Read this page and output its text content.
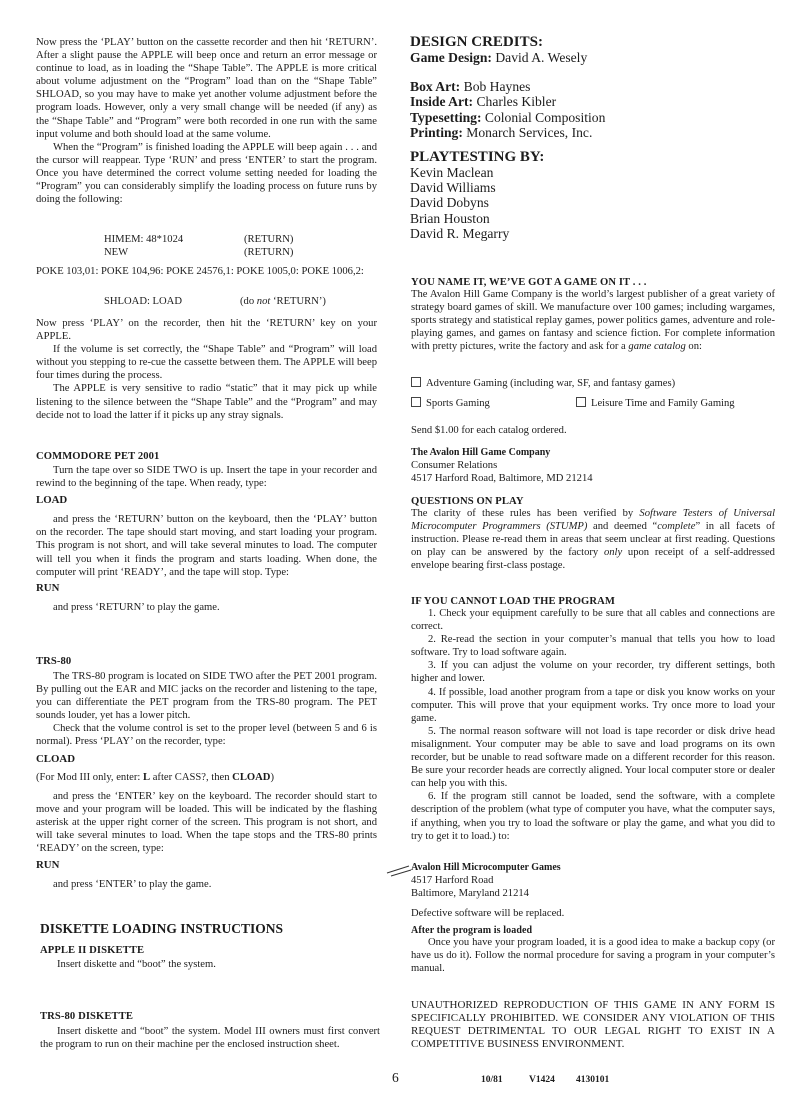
Now press the ‘PLAY’ button on the cassette recorder and then hit ‘RETURN’. After a slight pause the APPLE will beep once and return an error message or continue to load, as in loading the “Shape Table”. The APPLE is more critical about volume adjustment on the “Program” load than on the “Shape Table” SHLOAD, so you may have to make yet another volume adjustment before the program loads. However, only a very small change will be needed (if any) as the “Shape Table” and “Program” were both recorded in one run with the same input volume and both should load at the same volume.

When the “Program” is finished loading the APPLE will beep again . . . and the cursor will reappear. Type ‘RUN’ and press ‘ENTER’ to start the program. Once you have determined the correct volume setting needed for loading the “Program” you can considerably simplify the loading process on future runs by doing the following:

HIMEM: 48*1024	(RETURN)
NEW	(RETURN)

POKE 103,01: POKE 104,96: POKE 24576,1: POKE 1005,0: POKE 1006,2:

SHLOAD: LOAD	(do not ‘RETURN’)

Now press ‘PLAY’ on the recorder, then hit the ‘RETURN’ key on your APPLE.

If the volume is set correctly, the “Shape Table” and “Program” will load without you stepping to re-cue the cassette between them. The APPLE will beep four times during the process.

The APPLE is very sensitive to radio “static” that it may pick up while listening to the silence between the “Shape Table” and the “Program” and may decide not to load the latter if it picks up any stray signals.

COMMODORE PET 2001

Turn the tape over so SIDE TWO is up. Insert the tape in your recorder and rewind to the beginning of the tape. When ready, type:

LOAD

and press the ‘RETURN’ button on the keyboard, then the ‘PLAY’ button on the recorder. The tape should start moving, and start loading your program. This program is not short, and will take several minutes to load. The computer will tell you when it finds the program and starts loading. When done, the computer will print ‘READY’, and the tape will stop. Type:

RUN

and press ‘RETURN’ to play the game.

TRS-80

The TRS-80 program is located on SIDE TWO after the PET 2001 program. By pulling out the EAR and MIC jacks on the recorder and listening to the tape, you can differentiate the PET program from the TRS-80 program. The PET sounds louder, yet has a lower pitch.

Check that the volume control is set to the proper level (between 5 and 6 is normal). Press ‘PLAY’ on the recorder, type:

CLOAD

(For Mod III only, enter: L after CASS?, then CLOAD)

and press the ‘ENTER’ key on the keyboard. The recorder should start to move and your program will be loaded. This will be indicated by the flashing asterisk at the upper right corner of the screen. This program is not short, and will take several minutes to load. When the tape stops and the TRS-80 prints ‘READY’ on the screen, type:

RUN

and press ‘ENTER’ to play the game.

DISKETTE LOADING INSTRUCTIONS
APPLE II DISKETTE

Insert diskette and “boot” the system.

TRS-80 DISKETTE

Insert diskette and “boot” the system. Model III owners must first convert the program to run on their machine per the enclosed instruction sheet.

DESIGN CREDITS:
Game Design: David A. Wesely
Box Art: Bob Haynes
Inside Art: Charles Kibler
Typesetting: Colonial Composition
Printing: Monarch Services, Inc.
PLAYTESTING BY:
Kevin Maclean
David Williams
David Dobyns
Brian Houston
David R. Megarry
YOU NAME IT, WE’VE GOT A GAME ON IT . . .

The Avalon Hill Game Company is the world’s largest publisher of a great variety of strategy board games of skill. We manufacture over 100 games; including wargames, sports strategy and statistical replay games, power politics games, adventure and role-playing games, and games on fantasy and science fiction. For complete information with pretty pictures, write the factory and ask for a game catalog on:

Adventure Gaming (including war, SF, and fantasy games)
Sports Gaming	Leisure Time and Family Gaming

Send $1.00 for each catalog ordered.

The Avalon Hill Game Company

Consumer Relations

4517 Harford Road, Baltimore, MD 21214

QUESTIONS ON PLAY

The clarity of these rules has been verified by Software Testers of Universal Microcomputer Programmers (STUMP) and deemed “complete” in all facets of instruction. Please re-read them in areas that seem unclear at first reading. Questions on play can be answered by the factory only upon receipt of a self-addressed envelope bearing first-class postage.

IF YOU CANNOT LOAD THE PROGRAM

1. Check your equipment carefully to be sure that all cables and connections are correct.

2. Re-read the section in your computer’s manual that tells you how to load software. Try to load software again.

3. If you can adjust the volume on your recorder, try different settings, both higher and lower.

4. If possible, load another program from a tape or disk you know works on your computer. This will prove that your equipment works. Try once more to load your game.

5. The normal reason software will not load is tape recorder or disk drive head misalignment. Your computer may be able to save and load programs on its own recorder, but be unable to read software made on a different recorder for this reason. Be sure your recorder heads are correctly aligned. Your local computer store or dealer can help you with this.

6. If the program still cannot be loaded, send the software, with a complete description of the problem (what type of computer you have, what the computer says, if anything, when you try to load the software or play the game, and what you did to try to get it to load.) to:

Avalon Hill Microcomputer Games

4517 Harford Road

Baltimore, Maryland 21214

Defective software will be replaced.

After the program is loaded

Once you have your program loaded, it is a good idea to make a backup copy (or have us do it). Follow the normal procedure for saving a program in your computer’s manual.

UNAUTHORIZED REPRODUCTION OF THIS GAME IN ANY FORM IS SPECIFICALLY PROHIBITED. WE CONSIDER ANY VIOLATION OF THIS REQUEST DETRIMENTAL TO OUR LEGAL RIGHT TO EXIST IN A COMPETITIVE BUSINESS ENVIRONMENT.

6	10/81	V1424 4130101
